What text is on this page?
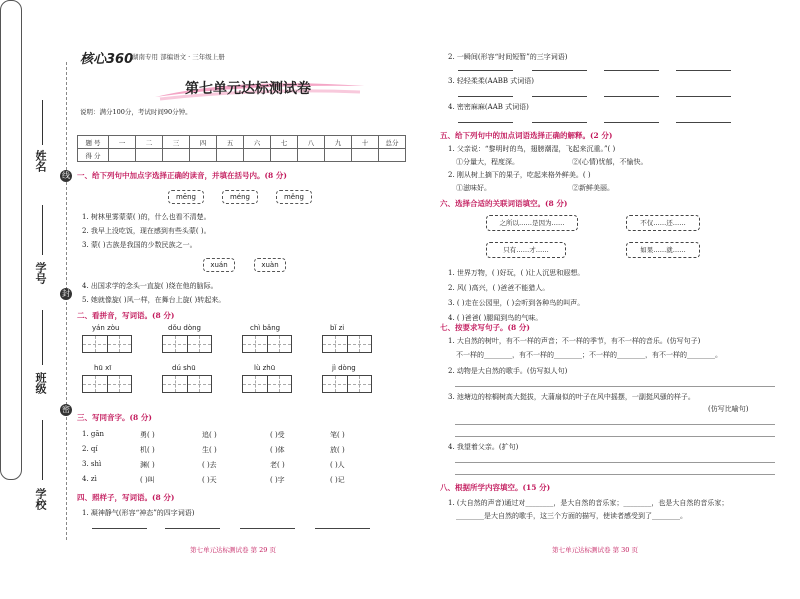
姓名
学号
班级
学校
线
封
密
核心360
湖南专用 部编语文 · 三年级上册
第七单元达标测试卷
说明：满分100分，考试时间90分钟。
题 号	一	二	三	四	五	六	七	八	九	十	总分
得 分											
一、给下列句中加点字选择正确的读音，并填在括号内。(8 分)
mēng	méng	měng
1. 树林里雾蒙蒙( )的，什么也看不清楚。
2. 我早上没吃饭，现在感到有些头蒙( )。
3. 蒙( )古族是我国的少数民族之一。
xuán	xuàn
4. 出国求学的念头一直旋( )绕在他的脑际。
5. 她就像旋( )风一样，在舞台上旋( )转起来。
二、看拼音，写词语。(8 分)
yán zòu	dǒu dòng	chì bǎng	bǐ zi
hū xī	dú shū	lù zhū	jì dòng
三、写同音字。(8 分)
1. gān	勇( )	追( )	( )受	笔( )
2. qí	机( )	生( )	( )体	放( )
3. shì	渊( )	( )去	老( )	( )人
4. zì	( )叫	( )天	( )字	( )记
四、照样子，写词语。(8 分)
1. 凝神静气(形容“神态”的四字词语)
第七单元达标测试卷 第 29 页
2. 一瞬间(形容“时间短暂”的三字词语)
3. 轻轻柔柔(AABB 式词语)
4. 密密麻麻(AAB 式词语)
五、给下列句中的加点词语选择正确的解释。(2 分)
1. 父亲说：“黎明时的鸟，翅膀潮湿，飞起来沉重。”( )
①分量大，程度深。	②(心情)忧郁，不愉快。
2. 刚从树上摘下的果子，吃起来格外鲜美。( )
①滋味好。	②新鲜美丽。
六、选择合适的关联词语填空。(8 分)
之所以……是因为……	不仅……还……
只有……才……	如果……就……
1. 世界万物，( )好玩，( )让人沉思和遐想。
2. 风( )高兴，( )爸爸不能猎人。
3. ( )走在公园里，( )会听到各种鸟的叫声。
4. ( )爸爸( )腿闻到鸟的气味。
七、按要求写句子。(8 分)
1. 大自然的树叶，有不一样的声音；不一样的季节，有不一样的音乐。(仿写句子)
不一样的________，有不一样的________；不一样的________，有不一样的________。
2. 动物是大自然的歌手。(仿写拟人句)
3. 池塘边的棕榈树高大挺拔，大蒲扇似的叶子在风中摇摆，一副挺风骚的样子。
(仿写比喻句)
4. 我望着父亲。(扩句)
八、根据所学内容填空。(15 分)
1. (大自然的声音)通过对________，是大自然的音乐家；________，也是大自然的音乐家；
________是大自然的歌手，这三个方面的描写，使读者感受到了________。
第七单元达标测试卷 第 30 页
